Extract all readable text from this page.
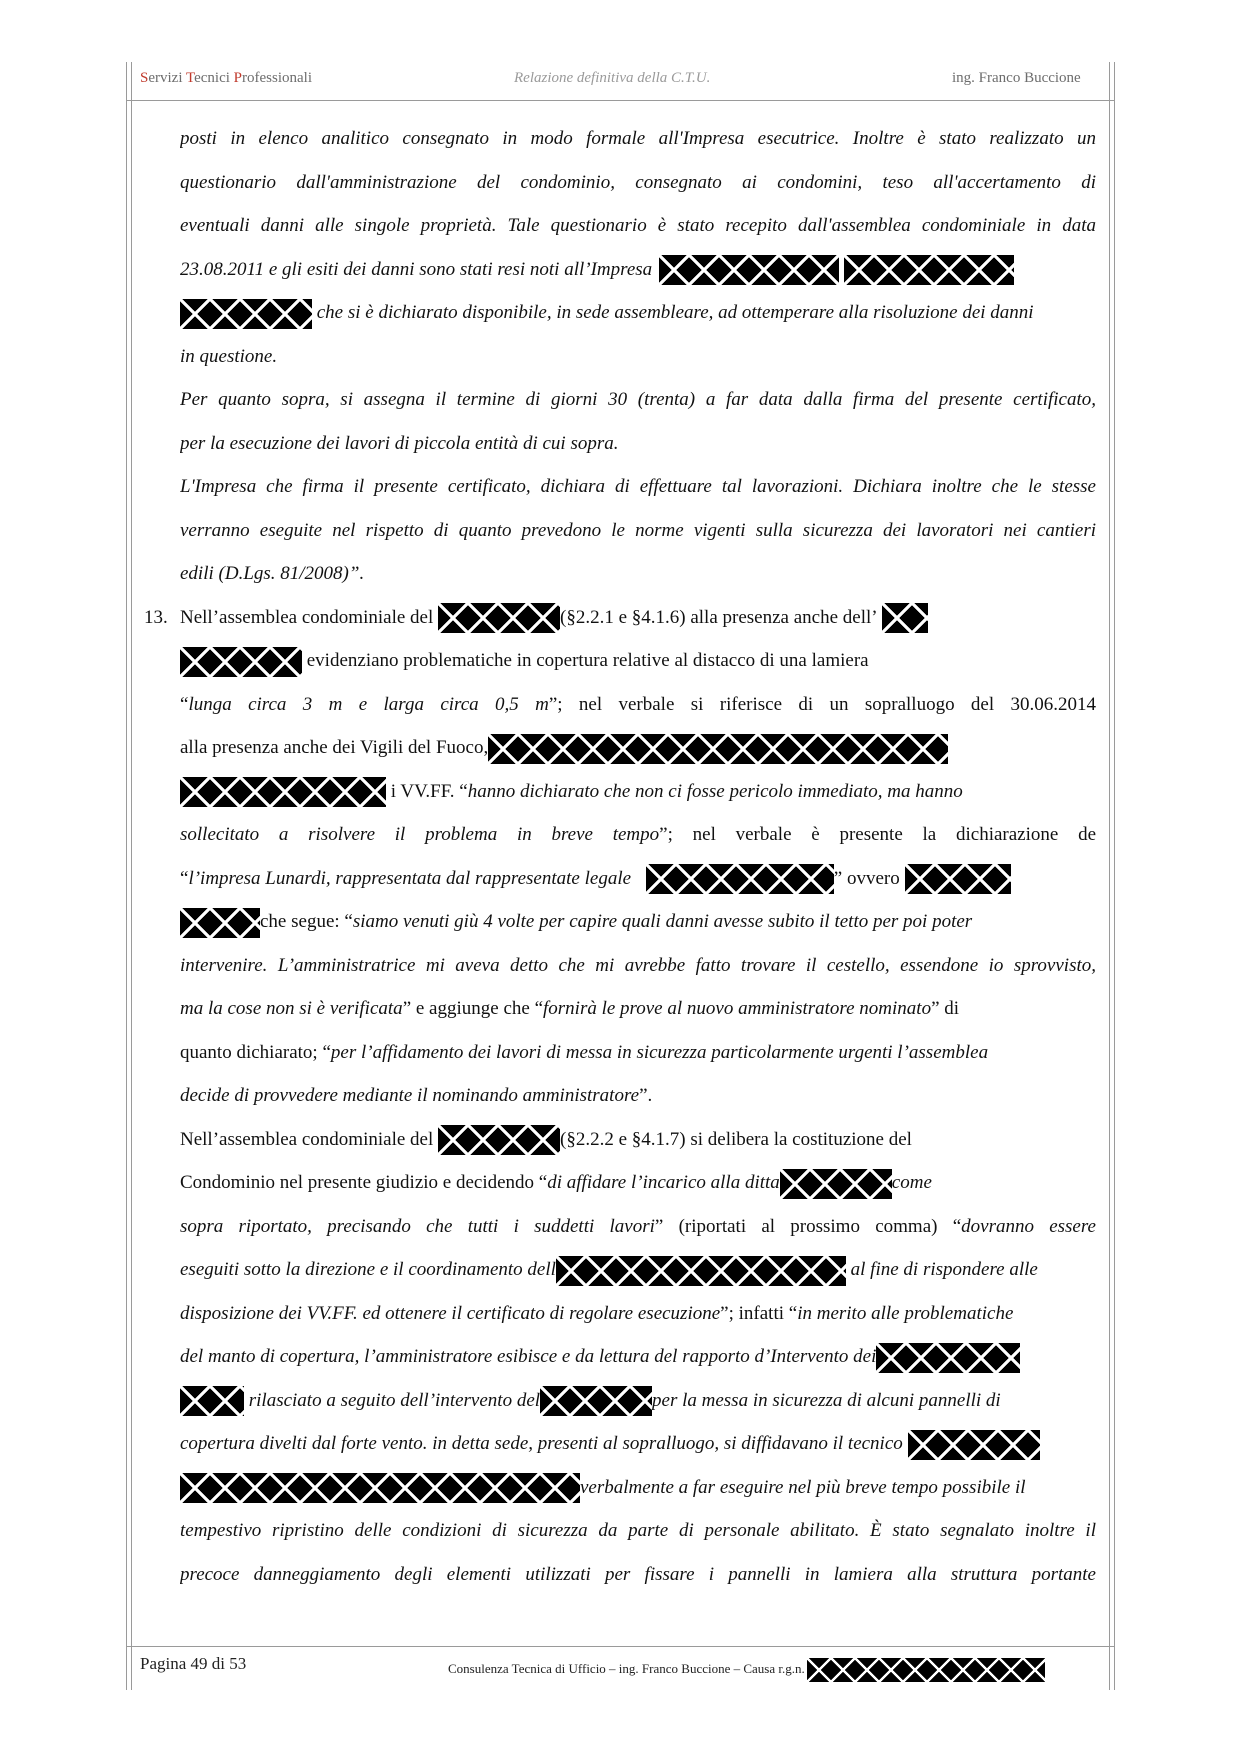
Servizi Tecnici Professionali	Relazione definitiva della C.T.U.	ing. Franco Buccione
posti in elenco analitico consegnato in modo formale all'Impresa esecutrice. Inoltre è stato realizzato un
questionario dall'amministrazione del condominio, consegnato ai condomini, teso all'accertamento di
eventuali danni alle singole proprietà. Tale questionario è stato recepito dall'assemblea condominiale in data
23.08.2011 e gli esiti dei danni sono stati resi noti all’Impresa
che si è dichiarato disponibile, in sede assembleare, ad ottemperare alla risoluzione dei danni
in questione.
Per quanto sopra, si assegna il termine di giorni 30 (trenta) a far data dalla firma del presente certificato,
per la esecuzione dei lavori di piccola entità di cui sopra.
L'Impresa che firma il presente certificato, dichiara di effettuare tal lavorazioni. Dichiara inoltre che le stesse
verranno eseguite nel rispetto di quanto prevedono le norme vigenti sulla sicurezza dei lavoratori nei cantieri
edili (D.Lgs. 81/2008)”.
13. Nell’assemblea condominiale del	(§2.2.1 e §4.1.6) alla presenza anche dell’
evidenziano problematiche in copertura relative al distacco di una lamiera
“lunga circa 3 m e larga circa 0,5 m”; nel verbale si riferisce di un sopralluogo del 30.06.2014
alla presenza anche dei Vigili del Fuoco,
i VV.FF. “hanno dichiarato che non ci fosse pericolo immediato, ma hanno
sollecitato a risolvere il problema in breve tempo”; nel verbale è presente la dichiarazione de
“l’impresa Lunardi, rappresentata dal rappresentate legale	” ovvero
che segue: “siamo venuti giù 4 volte per capire quali danni avesse subito il tetto per poi poter
intervenire. L’amministratrice mi aveva detto che mi avrebbe fatto trovare il cestello, essendone io sprovvisto,
ma la cose non si è verificata” e aggiunge che “fornirà le prove al nuovo amministratore nominato” di
quanto dichiarato; “per l’affidamento dei lavori di messa in sicurezza particolarmente urgenti l’assemblea
decide di provvedere mediante il nominando amministratore”.
Nell’assemblea condominiale del	(§2.2.2 e §4.1.7) si delibera la costituzione del
Condominio nel presente giudizio e decidendo “di affidare l’incarico alla ditta	come
sopra riportato, precisando che tutti i suddetti lavori” (riportati al prossimo comma) “dovranno essere
eseguiti sotto la direzione e il coordinamento dell	al fine di rispondere alle
disposizione dei VV.FF. ed ottenere il certificato di regolare esecuzione”; infatti “in merito alle problematiche
del manto di copertura, l’amministratore esibisce e da lettura del rapporto d’Intervento dei
rilasciato a seguito dell’intervento del	per la messa in sicurezza di alcuni pannelli di
copertura divelti dal forte vento. in detta sede, presenti al sopralluogo, si diffidavano il tecnico
verbalmente a far eseguire nel più breve tempo possibile il
tempestivo ripristino delle condizioni di sicurezza da parte di personale abilitato. È stato segnalato inoltre il
precoce danneggiamento degli elementi utilizzati per fissare i pannelli in lamiera alla struttura portante
Pagina 49 di 53	Consulenza Tecnica di Ufficio – ing. Franco Buccione – Causa r.g.n.
